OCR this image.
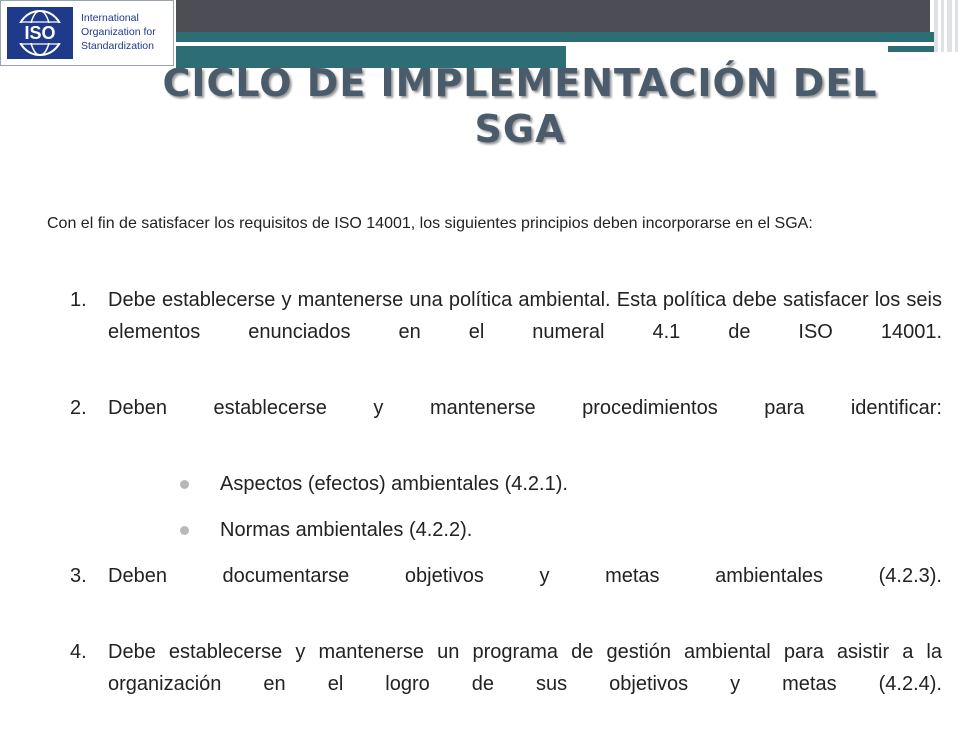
ISO
International
Organization for
Standardization
CICLO DE IMPLEMENTACIÓN DEL
SGA
Con el fin de satisfacer los requisitos de ISO 14001, los siguientes principios deben incorporarse en el SGA:
1. Debe establecerse y mantenerse una política ambiental. Esta política debe satisfacer los seis elementos enunciados en el numeral 4.1 de ISO 14001.
2. Deben establecerse y mantenerse procedimientos para identificar:
Aspectos (efectos) ambientales (4.2.1).
Normas ambientales (4.2.2).
3. Deben documentarse objetivos y metas ambientales (4.2.3).
4. Debe establecerse y mantenerse un programa de gestión ambiental para asistir a la organización en el logro de sus objetivos y metas (4.2.4).
